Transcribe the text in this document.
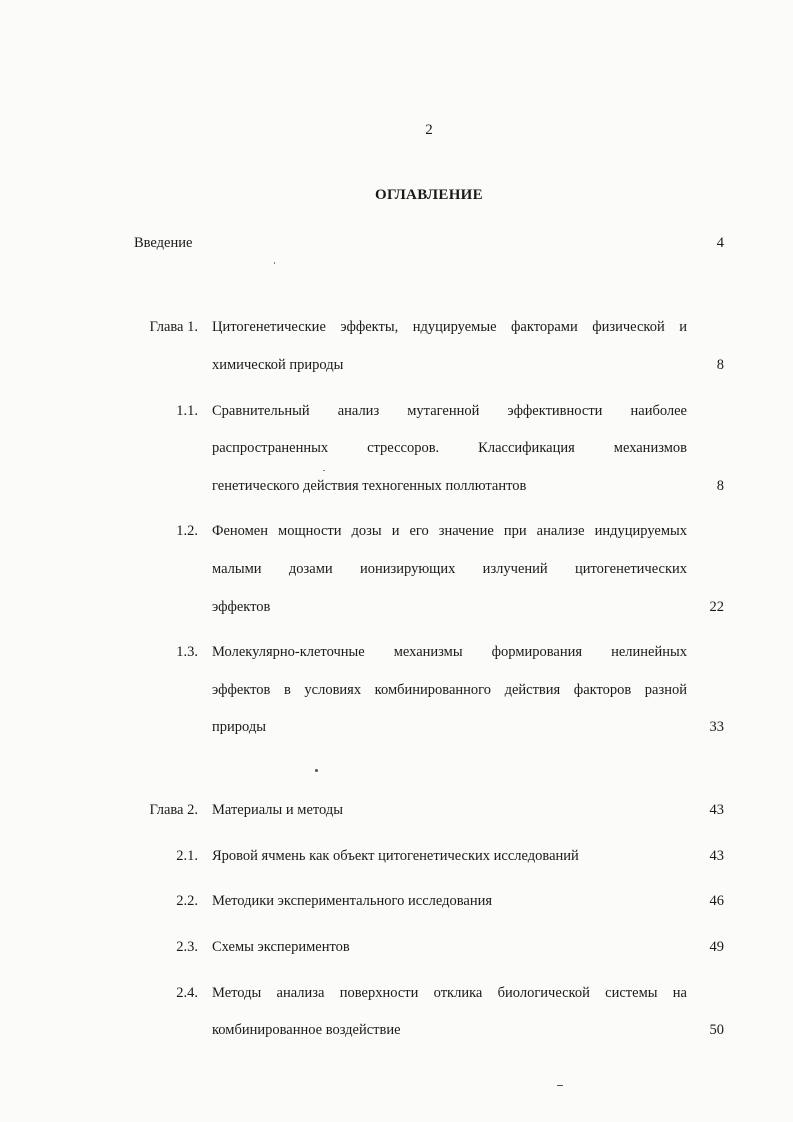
2
ОГЛАВЛЕНИЕ
Введение	4
Глава 1. Цитогенетические эффекты, ндуцируемые факторами физической и
химической природы	8
1.1. Сравнительный анализ мутагенной эффективности наиболее
распространенных стрессоров. Классификация механизмов
генетического действия техногенных поллютантов	8
1.2. Феномен мощности дозы и его значение при анализе индуцируемых
малыми дозами ионизирующих излучений цитогенетических
эффектов	22
1.3. Молекулярно-клеточные механизмы формирования нелинейных
эффектов в условиях комбинированного действия факторов разной
природы	33
Глава 2. Материалы и методы	43
2.1. Яровой ячмень как объект цитогенетических исследований	43
2.2. Методики экспериментального исследования	46
2.3. Схемы экспериментов	49
2.4. Методы анализа поверхности отклика биологической системы на
комбинированное воздействие	50
